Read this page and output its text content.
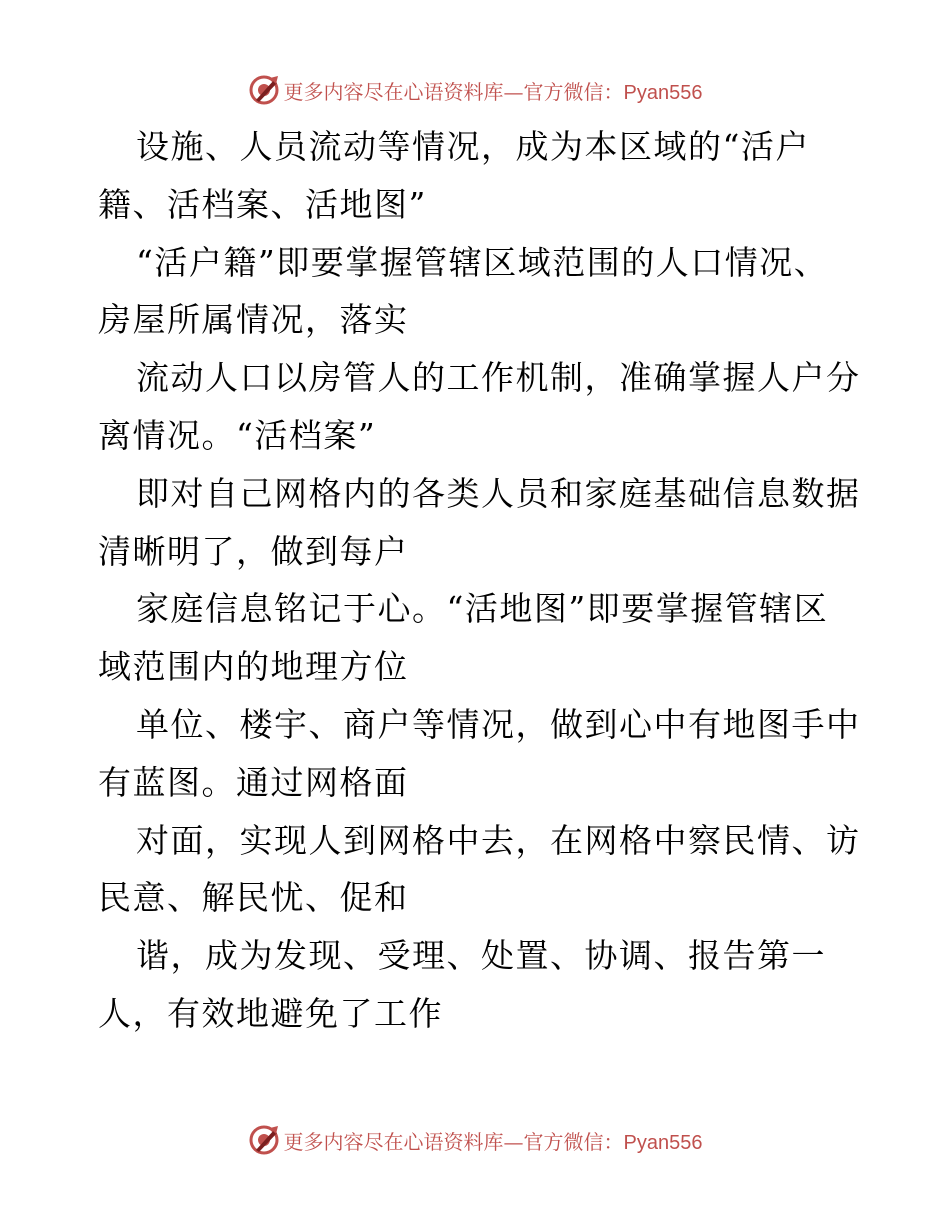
更多内容尽在心语资料库—官方微信：Pyan556
设施、人员流动等情况，成为本区域的“活户
籍、活档案、活地图”
“活户籍”即要掌握管辖区域范围的人口情况、
房屋所属情况，落实
流动人口以房管人的工作机制，准确掌握人户分
离情况。“活档案”
即对自己网格内的各类人员和家庭基础信息数据
清晰明了，做到每户
家庭信息铭记于心。“活地图”即要掌握管辖区
域范围内的地理方位
单位、楼宇、商户等情况，做到心中有地图手中
有蓝图。通过网格面
对面，实现人到网格中去，在网格中察民情、访
民意、解民忧、促和
谐，成为发现、受理、处置、协调、报告第一
人，有效地避免了工作
更多内容尽在心语资料库—官方微信：Pyan556
